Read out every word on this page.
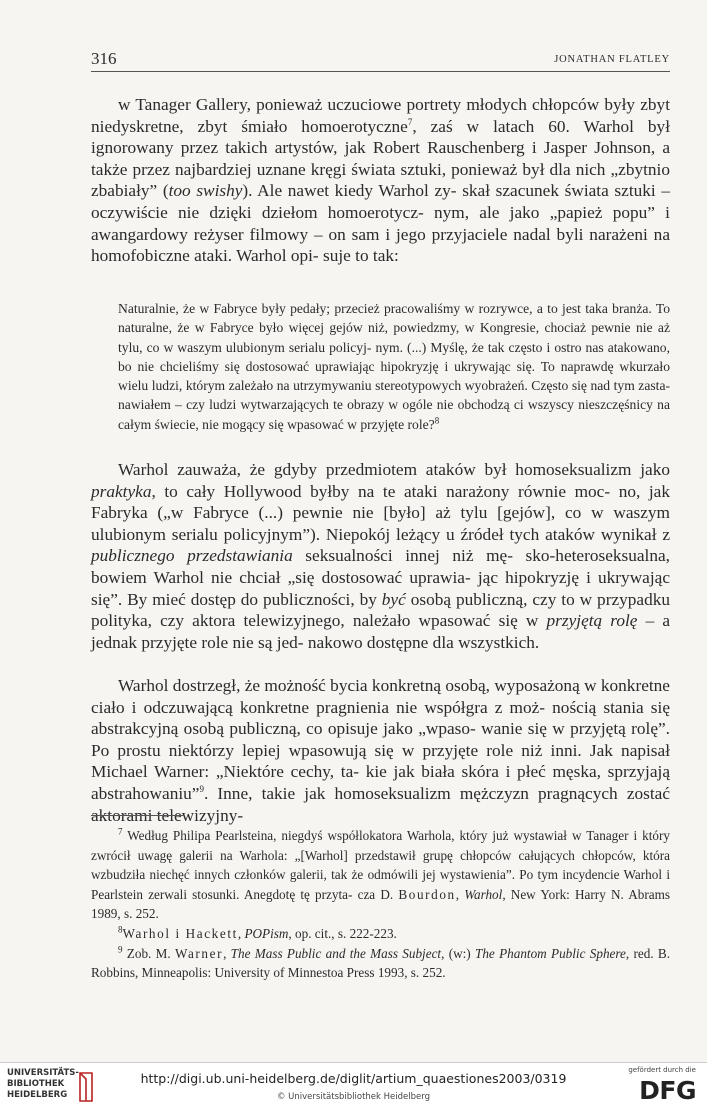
316	JONATHAN FLATLEY

w Tanager Gallery, ponieważ uczuciowe portrety młodych chłopców były zbyt niedyskretne, zbyt śmiało homoerotyczne$^7$, zaś w latach 60. Warhol był ignorowany przez takich artystów, jak Robert Rauschenberg i Jasper Johnson, a także przez najbardziej uznane kręgi świata sztuki, ponieważ był dla nich „zbytnio zbabiały” (too swishy). Ale nawet kiedy Warhol zy- skał szacunek świata sztuki – oczywiście nie dzięki dziełom homoerotycz- nym, ale jako „papież popu” i awangardowy reżyser filmowy – on sam i jego przyjaciele nadal byli narażeni na homofobiczne ataki. Warhol opi- suje to tak:

Naturalnie, że w Fabryce były pedały; przecież pracowaliśmy w rozrywce, a to jest taka branża. To naturalne, że w Fabryce było więcej gejów niż, powiedzmy, w Kongresie, chociaż pewnie nie aż tylu, co w waszym ulubionym serialu policyj- nym. (...) Myślę, że tak często i ostro nas atakowano, bo nie chcieliśmy się dostosować uprawiając hipokryzję i ukrywając się. To naprawdę wkurzało wielu ludzi, którym zależało na utrzymywaniu stereotypowych wyobrażeń. Często się nad tym zasta- nawiałem – czy ludzi wytwarzających te obrazy w ogóle nie obchodzą ci wszyscy nieszczęśnicy na całym świecie, nie mogący się wpasować w przyjęte role?$^8$

Warhol zauważa, że gdyby przedmiotem ataków był homoseksualizm jako praktyka, to cały Hollywood byłby na te ataki narażony równie moc- no, jak Fabryka („w Fabryce (...) pewnie nie [było] aż tylu [gejów], co w waszym ulubionym serialu policyjnym”). Niepokój leżący u źródeł tych ataków wynikał z publicznego przedstawiania seksualności innej niż mę- sko-heteroseksualna, bowiem Warhol nie chciał „się dostosować uprawia- jąc hipokryzję i ukrywając się”. By mieć dostęp do publiczności, by być osobą publiczną, czy to w przypadku polityka, czy aktora telewizyjnego, należało wpasować się w przyjętą rolę – a jednak przyjęte role nie są jed- nakowo dostępne dla wszystkich.

Warhol dostrzegł, że możność bycia konkretną osobą, wyposażoną w konkretne ciało i odczuwającą konkretne pragnienia nie współgra z moż- nością stania się abstrakcyjną osobą publiczną, co opisuje jako „wpaso- wanie się w przyjętą rolę”. Po prostu niektórzy lepiej wpasowują się w przyjęte role niż inni. Jak napisał Michael Warner: „Niektóre cechy, ta- kie jak biała skóra i płeć męska, sprzyjają abstrahowaniu”$^9$. Inne, takie jak homoseksualizm mężczyzn pragnących zostać aktorami telewizyjny-

$^7$ Według Philipa Pearlsteina, niegdyś współlokatora Warhola, który już wystawiał w Tanager i który zwrócił uwagę galerii na Warhola: „[Warhol] przedstawił grupę chłopców całujących chłopców, która wzbudziła niechęć innych członków galerii, tak że odmówili jej wystawienia”. Po tym incydencie Warhol i Pearlstein zerwali stosunki. Anegdotę tę przyta- cza D. Bourdon, Warhol, New York: Harry N. Abrams 1989, s. 252.

$^8$Warhol i Hackett, POPism, op. cit., s. 222-223.

$^9$ Zob. M. Warner, The Mass Public and the Mass Subject, (w:) The Phantom Public Sphere, red. B. Robbins, Minneapolis: University of Minnestoa Press 1993, s. 252.

UNIVERSITÄTS-
BIBLIOTHEK
HEIDELBERG
http://digi.ub.uni-heidelberg.de/diglit/artium_quaestiones2003/0319
© Universitätsbibliothek Heidelberg
gefördert durch die
DFG
